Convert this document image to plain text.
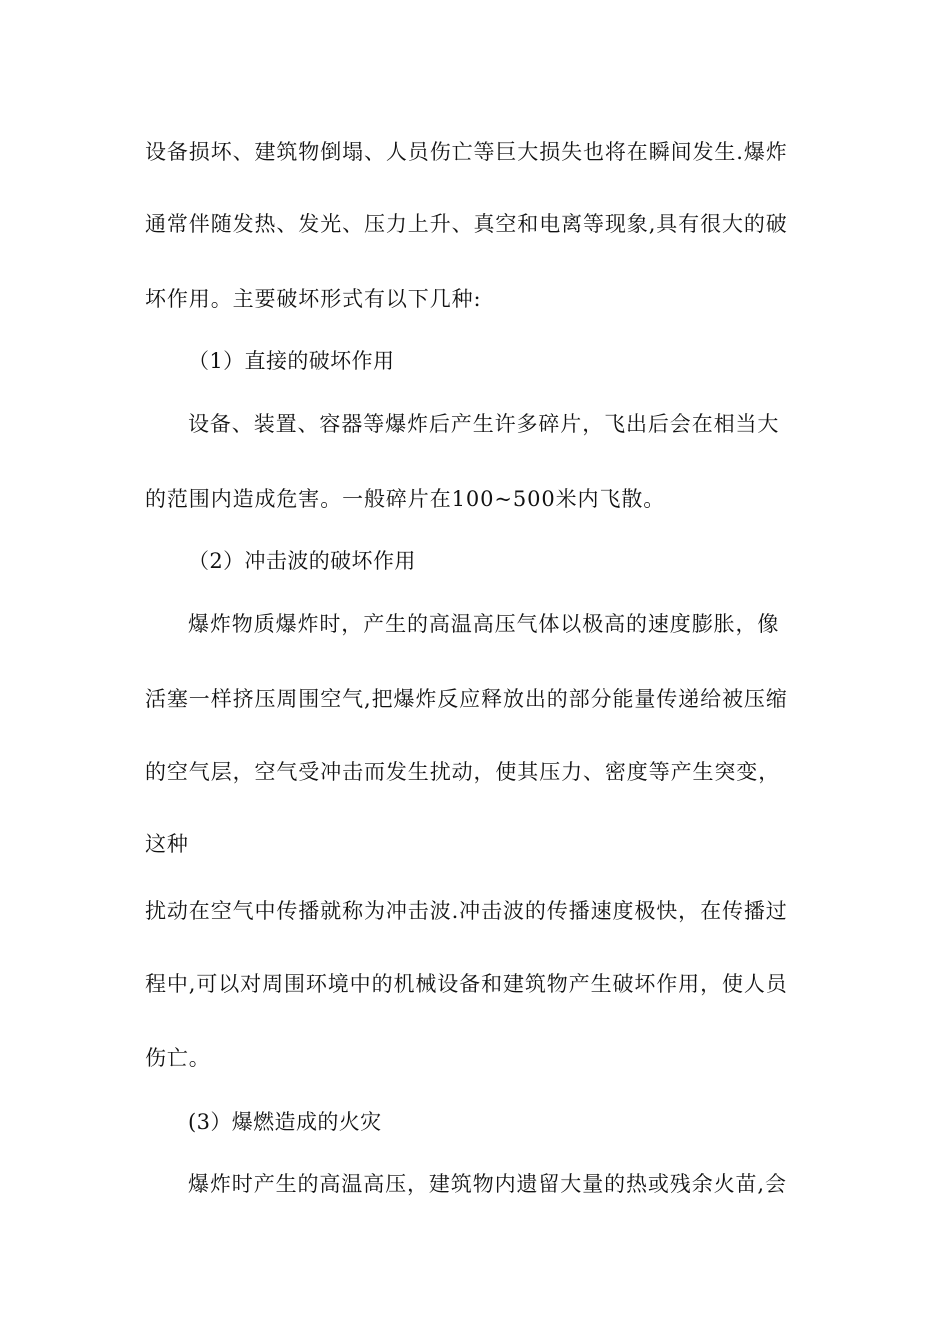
设备损坏、建筑物倒塌、人员伤亡等巨大损失也将在瞬间发生.爆炸
通常伴随发热、发光、压力上升、真空和电离等现象,具有很大的破
坏作用。主要破坏形式有以下几种:
（1）直接的破坏作用
设备、装置、容器等爆炸后产生许多碎片，飞出后会在相当大
的范围内造成危害。一般碎片在100~500米内飞散。
（2）冲击波的破坏作用
爆炸物质爆炸时，产生的高温高压气体以极高的速度膨胀，像
活塞一样挤压周围空气,把爆炸反应释放出的部分能量传递给被压缩
的空气层，空气受冲击而发生扰动，使其压力、密度等产生突变，
这种
扰动在空气中传播就称为冲击波.冲击波的传播速度极快，在传播过
程中,可以对周围环境中的机械设备和建筑物产生破坏作用，使人员
伤亡。
(3）爆燃造成的火灾
爆炸时产生的高温高压，建筑物内遗留大量的热或残余火苗,会
